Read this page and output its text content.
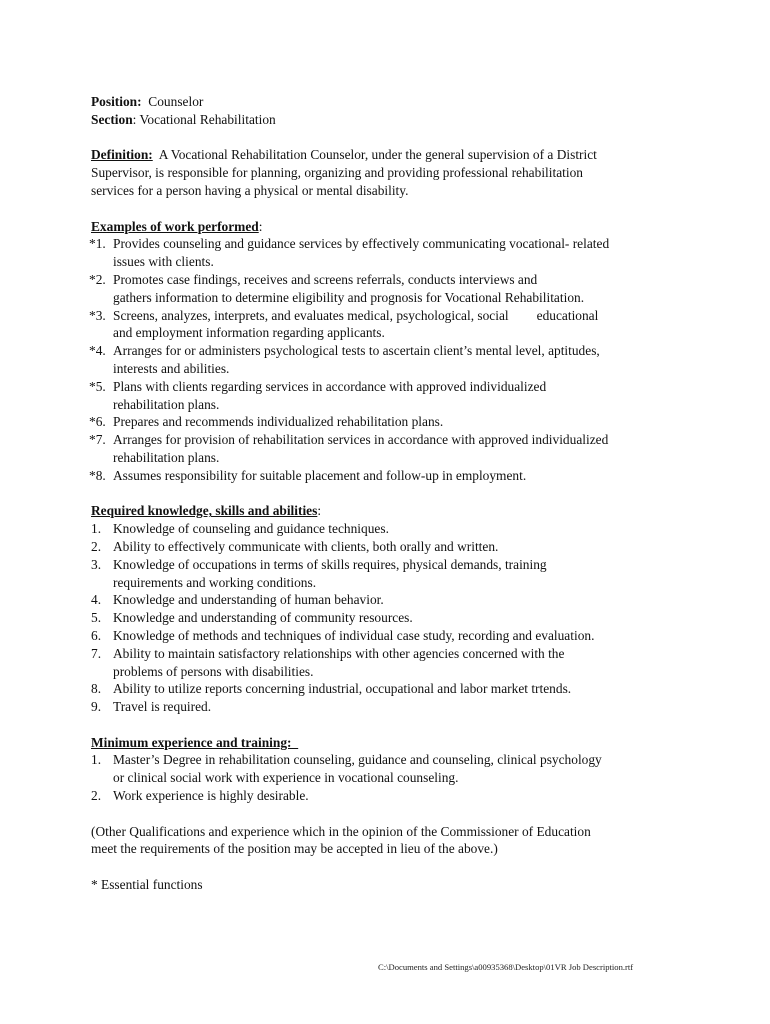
Position: Counselor
Section: Vocational Rehabilitation
Definition: A Vocational Rehabilitation Counselor, under the general supervision of a District
Supervisor, is responsible for planning, organizing and providing professional rehabilitation
services for a person having a physical or mental disability.
Examples of work performed:
*1. Provides counseling and guidance services by effectively communicating vocational- related
issues with clients.
*2. Promotes case findings, receives and screens referrals, conducts interviews and
gathers information to determine eligibility and prognosis for Vocational Rehabilitation.
*3. Screens, analyzes, interprets, and evaluates medical, psychological, social educational
and employment information regarding applicants.
*4. Arranges for or administers psychological tests to ascertain client’s mental level, aptitudes,
interests and abilities.
*5. Plans with clients regarding services in accordance with approved individualized
rehabilitation plans.
*6. Prepares and recommends individualized rehabilitation plans.
*7. Arranges for provision of rehabilitation services in accordance with approved individualized
rehabilitation plans.
*8. Assumes responsibility for suitable placement and follow-up in employment.
Required knowledge, skills and abilities:
1. Knowledge of counseling and guidance techniques.
2. Ability to effectively communicate with clients, both orally and written.
3. Knowledge of occupations in terms of skills requires, physical demands, training
requirements and working conditions.
4. Knowledge and understanding of human behavior.
5. Knowledge and understanding of community resources.
6. Knowledge of methods and techniques of individual case study, recording and evaluation.
7. Ability to maintain satisfactory relationships with other agencies concerned with the
problems of persons with disabilities.
8. Ability to utilize reports concerning industrial, occupational and labor market trtends.
9. Travel is required.
Minimum experience and training:
1. Master’s Degree in rehabilitation counseling, guidance and counseling, clinical psychology
or clinical social work with experience in vocational counseling.
2. Work experience is highly desirable.
(Other Qualifications and experience which in the opinion of the Commissioner of Education
meet the requirements of the position may be accepted in lieu of the above.)
* Essential functions
C:\Documents and Settings\a00935368\Desktop\01VR Job Description.rtf
